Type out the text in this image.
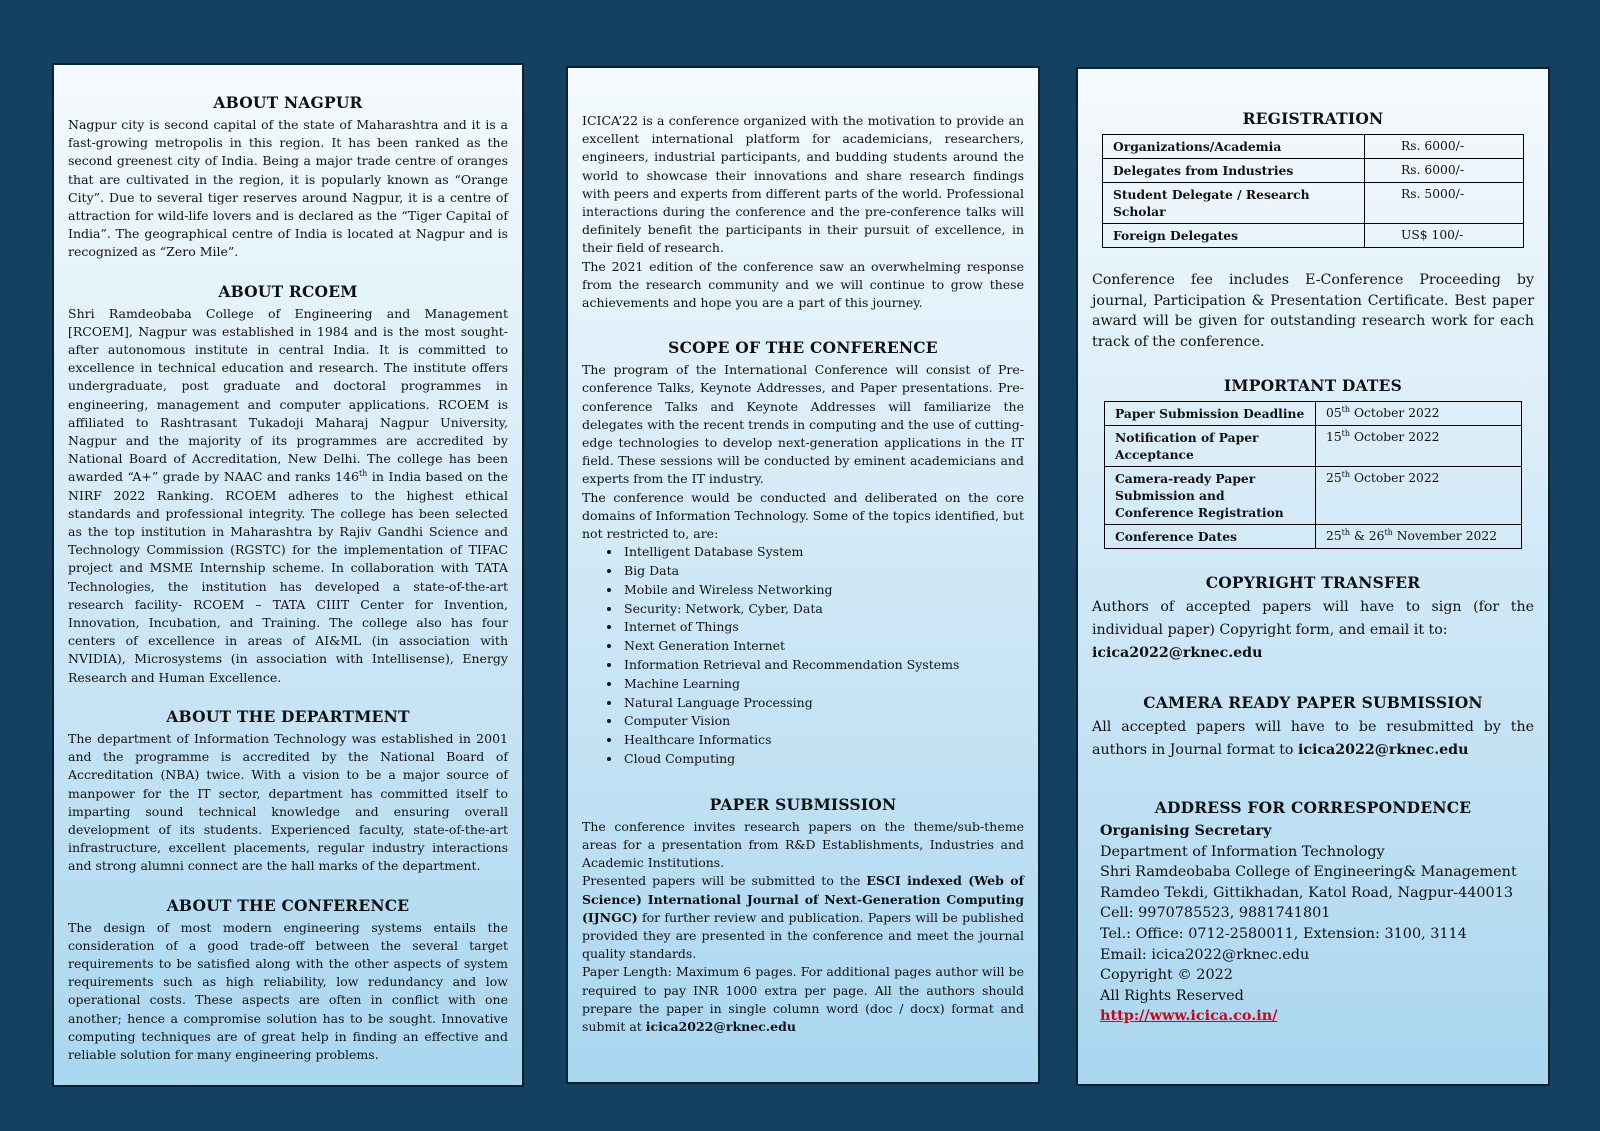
ABOUT NAGPUR

Nagpur city is second capital of the state of Maharashtra and it is a fast-growing metropolis in this region. It has been ranked as the second greenest city of India. Being a major trade centre of oranges that are cultivated in the region, it is popularly known as “Orange City”. Due to several tiger reserves around Nagpur, it is a centre of attraction for wild-life lovers and is declared as the “Tiger Capital of India”. The geographical centre of India is located at Nagpur and is recognized as “Zero Mile”.

ABOUT RCOEM

Shri Ramdeobaba College of Engineering and Management [RCOEM], Nagpur was established in 1984 and is the most sought-after autonomous institute in central India. It is committed to excellence in technical education and research. The institute offers undergraduate, post graduate and doctoral programmes in engineering, management and computer applications. RCOEM is affiliated to Rashtrasant Tukadoji Maharaj Nagpur University, Nagpur and the majority of its programmes are accredited by National Board of Accreditation, New Delhi. The college has been awarded “A+” grade by NAAC and ranks 146th in India based on the NIRF 2022 Ranking. RCOEM adheres to the highest ethical standards and professional integrity. The college has been selected as the top institution in Maharashtra by Rajiv Gandhi Science and Technology Commission (RGSTC) for the implementation of TIFAC project and MSME Internship scheme. In collaboration with TATA Technologies, the institution has developed a state-of-the-art research facility- RCOEM – TATA CIIIT Center for Invention, Innovation, Incubation, and Training. The college also has four centers of excellence in areas of AI&ML (in association with NVIDIA), Microsystems (in association with Intellisense), Energy Research and Human Excellence.

ABOUT THE DEPARTMENT

The department of Information Technology was established in 2001 and the programme is accredited by the National Board of Accreditation (NBA) twice. With a vision to be a major source of manpower for the IT sector, department has committed itself to imparting sound technical knowledge and ensuring overall development of its students. Experienced faculty, state-of-the-art infrastructure, excellent placements, regular industry interactions and strong alumni connect are the hall marks of the department.

ABOUT THE CONFERENCE

The design of most modern engineering systems entails the consideration of a good trade-off between the several target requirements to be satisfied along with the other aspects of system requirements such as high reliability, low redundancy and low operational costs. These aspects are often in conflict with one another; hence a compromise solution has to be sought. Innovative computing techniques are of great help in finding an effective and reliable solution for many engineering problems.

ICICA’22 is a conference organized with the motivation to provide an excellent international platform for academicians, researchers, engineers, industrial participants, and budding students around the world to showcase their innovations and share research findings with peers and experts from different parts of the world. Professional interactions during the conference and the pre-conference talks will definitely benefit the participants in their pursuit of excellence, in their field of research.

The 2021 edition of the conference saw an overwhelming response from the research community and we will continue to grow these achievements and hope you are a part of this journey.

SCOPE OF THE CONFERENCE

The program of the International Conference will consist of Pre-conference Talks, Keynote Addresses, and Paper presentations. Pre-conference Talks and Keynote Addresses will familiarize the delegates with the recent trends in computing and the use of cutting-edge technologies to develop next-generation applications in the IT field. These sessions will be conducted by eminent academicians and experts from the IT industry.

The conference would be conducted and deliberated on the core domains of Information Technology. Some of the topics identified, but not restricted to, are:

• Intelligent Database System
• Big Data
• Mobile and Wireless Networking
• Security: Network, Cyber, Data
• Internet of Things
• Next Generation Internet
• Information Retrieval and Recommendation Systems
• Machine Learning
• Natural Language Processing
• Computer Vision
• Healthcare Informatics
• Cloud Computing
PAPER SUBMISSION

The conference invites research papers on the theme/sub-theme areas for a presentation from R&D Establishments, Industries and Academic Institutions.

Presented papers will be submitted to the ESCI indexed (Web of Science) International Journal of Next-Generation Computing (IJNGC) for further review and publication. Papers will be published provided they are presented in the conference and meet the journal quality standards.

Paper Length: Maximum 6 pages. For additional pages author will be required to pay INR 1000 extra per page. All the authors should prepare the paper in single column word (doc / docx) format and submit at icica2022@rknec.edu

REGISTRATION
Organizations/Academia	Rs. 6000/-
Delegates from Industries	Rs. 6000/-
Student Delegate / Research Scholar	Rs. 5000/-
Foreign Delegates	US$ 100/-

Conference fee includes E-Conference Proceeding by journal, Participation & Presentation Certificate. Best paper award will be given for outstanding research work for each track of the conference.

IMPORTANT DATES
Paper Submission Deadline	05th October 2022
Notification of Paper Acceptance	15th October 2022
Camera-ready Paper Submission and Conference Registration	25th October 2022
Conference Dates	25th & 26th November 2022
COPYRIGHT TRANSFER

Authors of accepted papers will have to sign (for the individual paper) Copyright form, and email it to:
icica2022@rknec.edu

CAMERA READY PAPER SUBMISSION

All accepted papers will have to be resubmitted by the authors in Journal format to icica2022@rknec.edu

ADDRESS FOR CORRESPONDENCE
Organising Secretary
Department of Information Technology
Shri Ramdeobaba College of Engineering& Management
Ramdeo Tekdi, Gittikhadan, Katol Road, Nagpur-440013
Cell: 9970785523, 9881741801
Tel.: Office: 0712-2580011, Extension: 3100, 3114
Email: icica2022@rknec.edu
Copyright © 2022
All Rights Reserved
http://www.icica.co.in/
